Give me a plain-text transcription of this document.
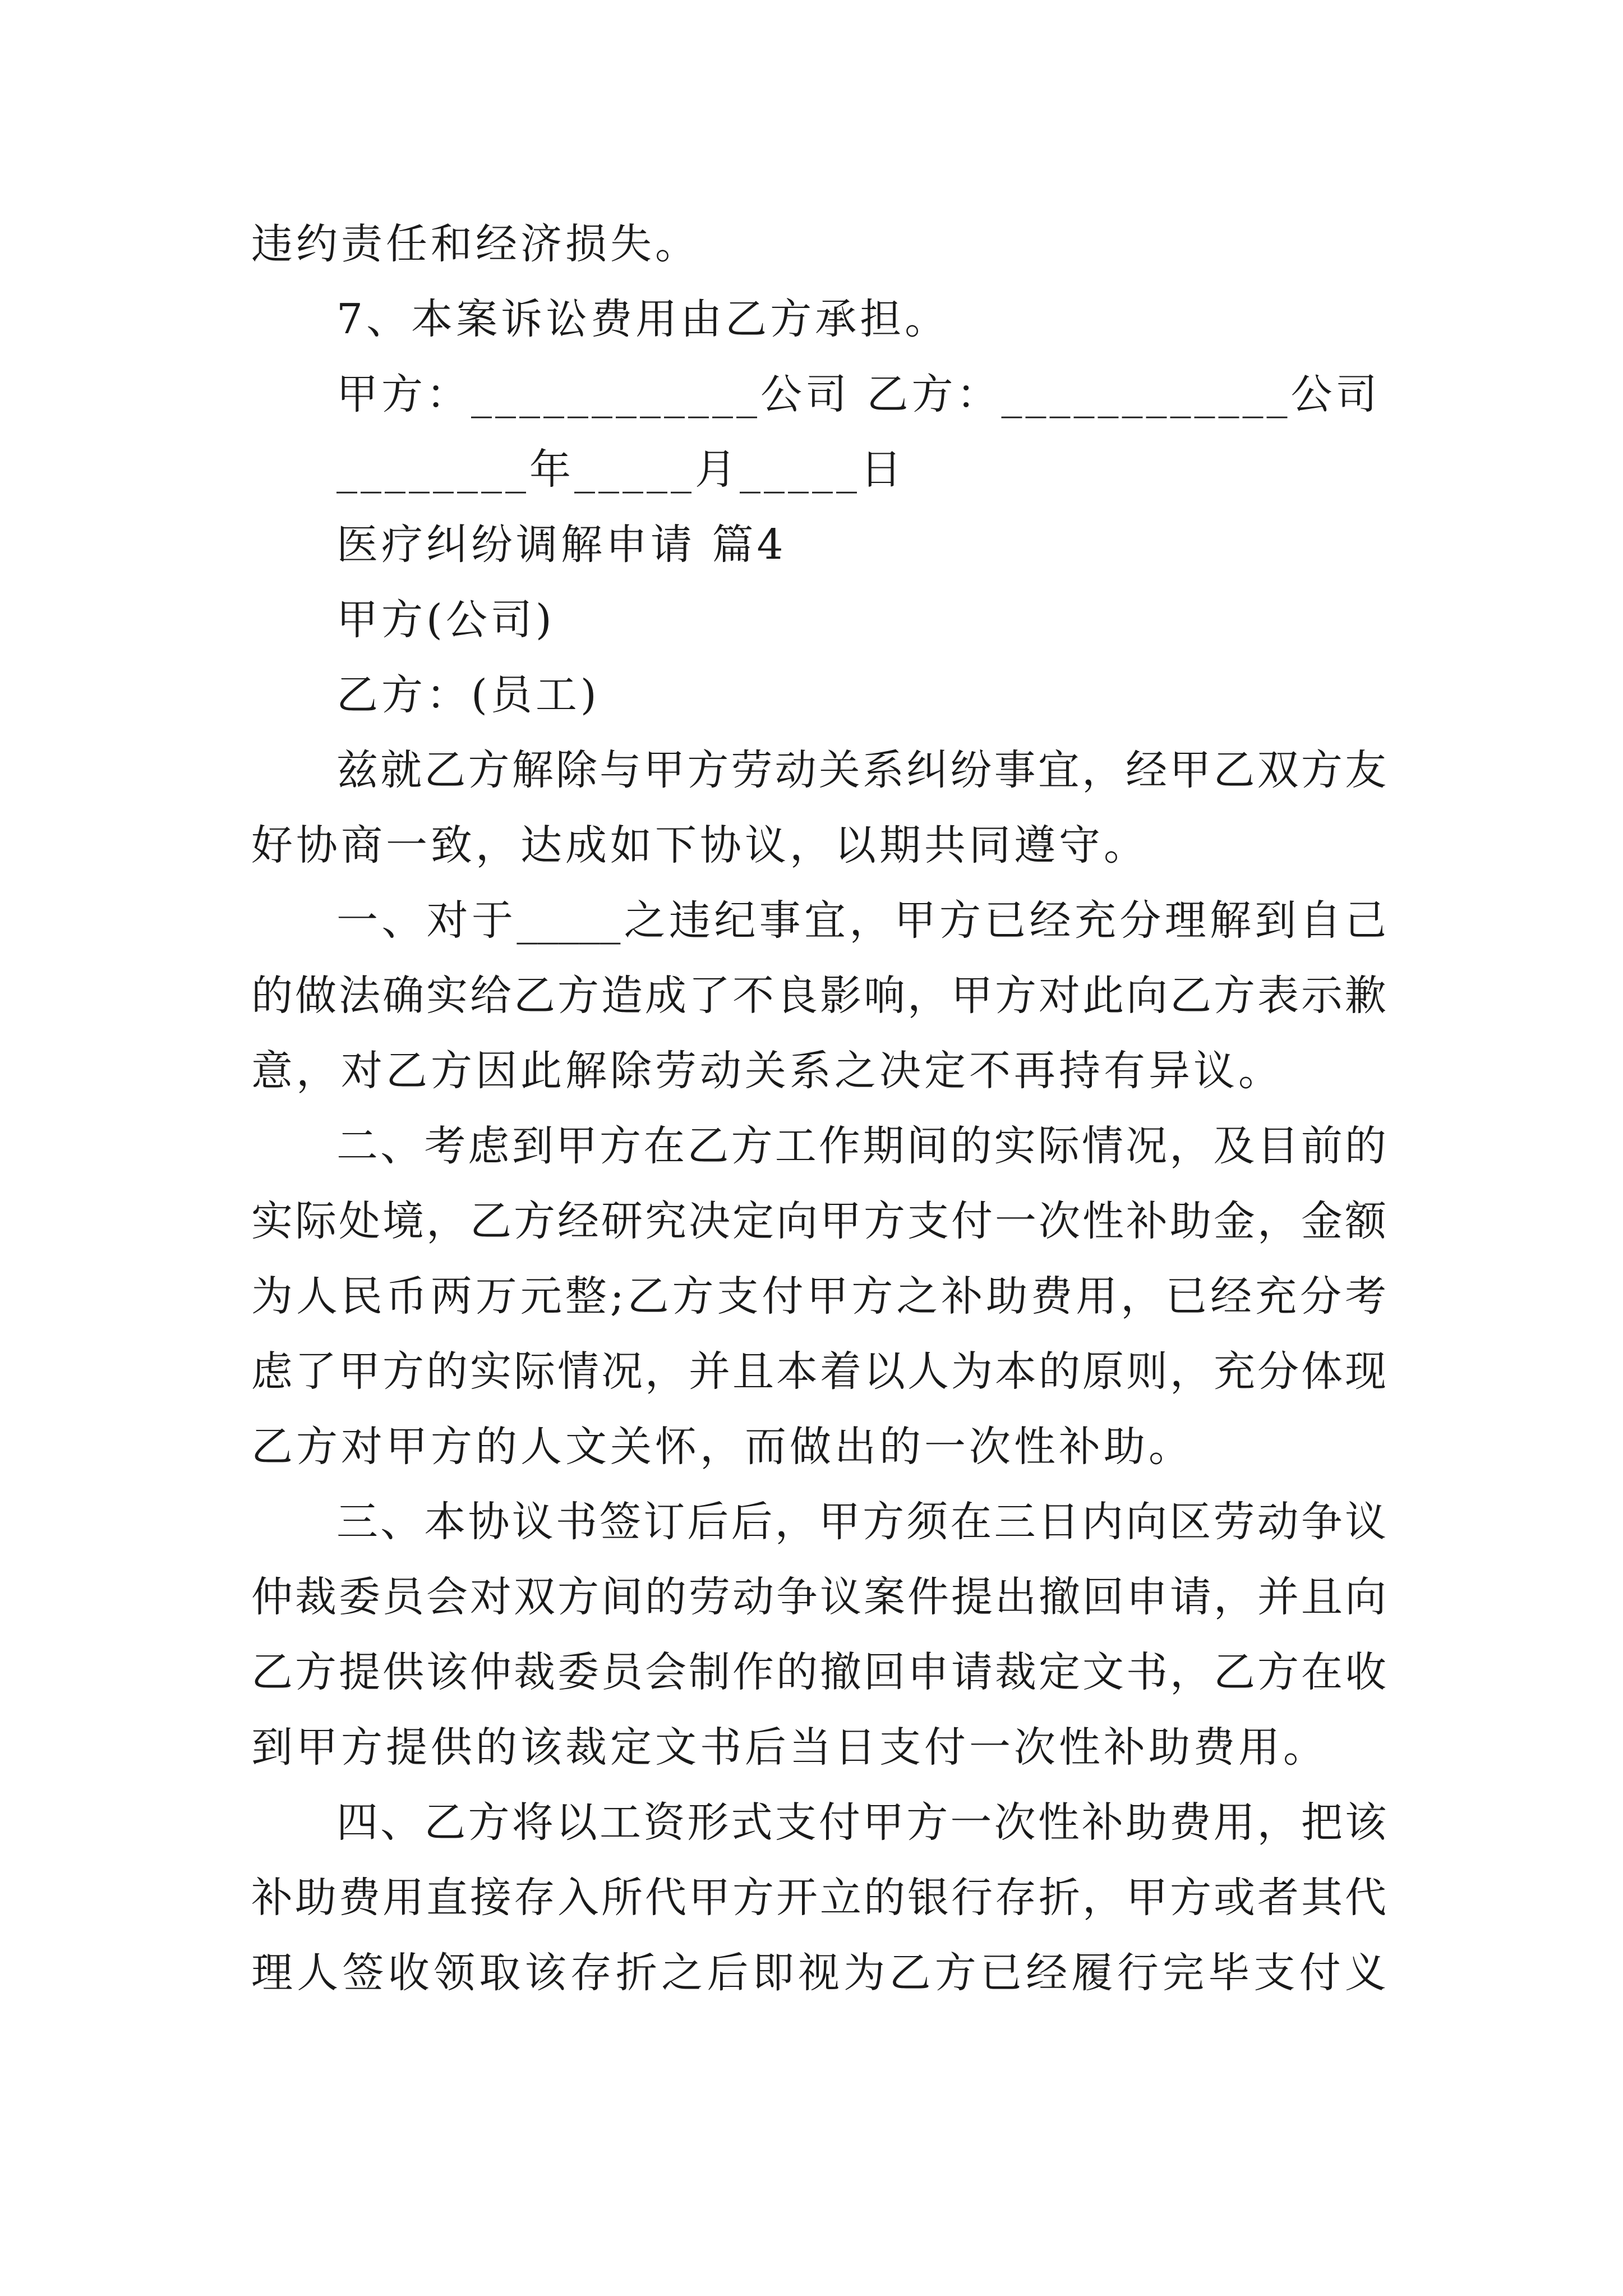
违约责任和经济损失。
7、本案诉讼费用由乙方承担。
甲方：____________公司 乙方：____________公司
________年_____月_____日
医疗纠纷调解申请 篇4
甲方(公司)
乙方：(员工)
兹就乙方解除与甲方劳动关系纠纷事宜，经甲乙双方友
好协商一致，达成如下协议，以期共同遵守。
一、对于_____之违纪事宜，甲方已经充分理解到自己
的做法确实给乙方造成了不良影响，甲方对此向乙方表示歉
意，对乙方因此解除劳动关系之决定不再持有异议。
二、考虑到甲方在乙方工作期间的实际情况，及目前的
实际处境，乙方经研究决定向甲方支付一次性补助金，金额
为人民币两万元整;乙方支付甲方之补助费用，已经充分考
虑了甲方的实际情况，并且本着以人为本的原则，充分体现
乙方对甲方的人文关怀，而做出的一次性补助。
三、本协议书签订后后，甲方须在三日内向区劳动争议
仲裁委员会对双方间的劳动争议案件提出撤回申请，并且向
乙方提供该仲裁委员会制作的撤回申请裁定文书，乙方在收
到甲方提供的该裁定文书后当日支付一次性补助费用。
四、乙方将以工资形式支付甲方一次性补助费用，把该
补助费用直接存入所代甲方开立的银行存折，甲方或者其代
理人签收领取该存折之后即视为乙方已经履行完毕支付义
